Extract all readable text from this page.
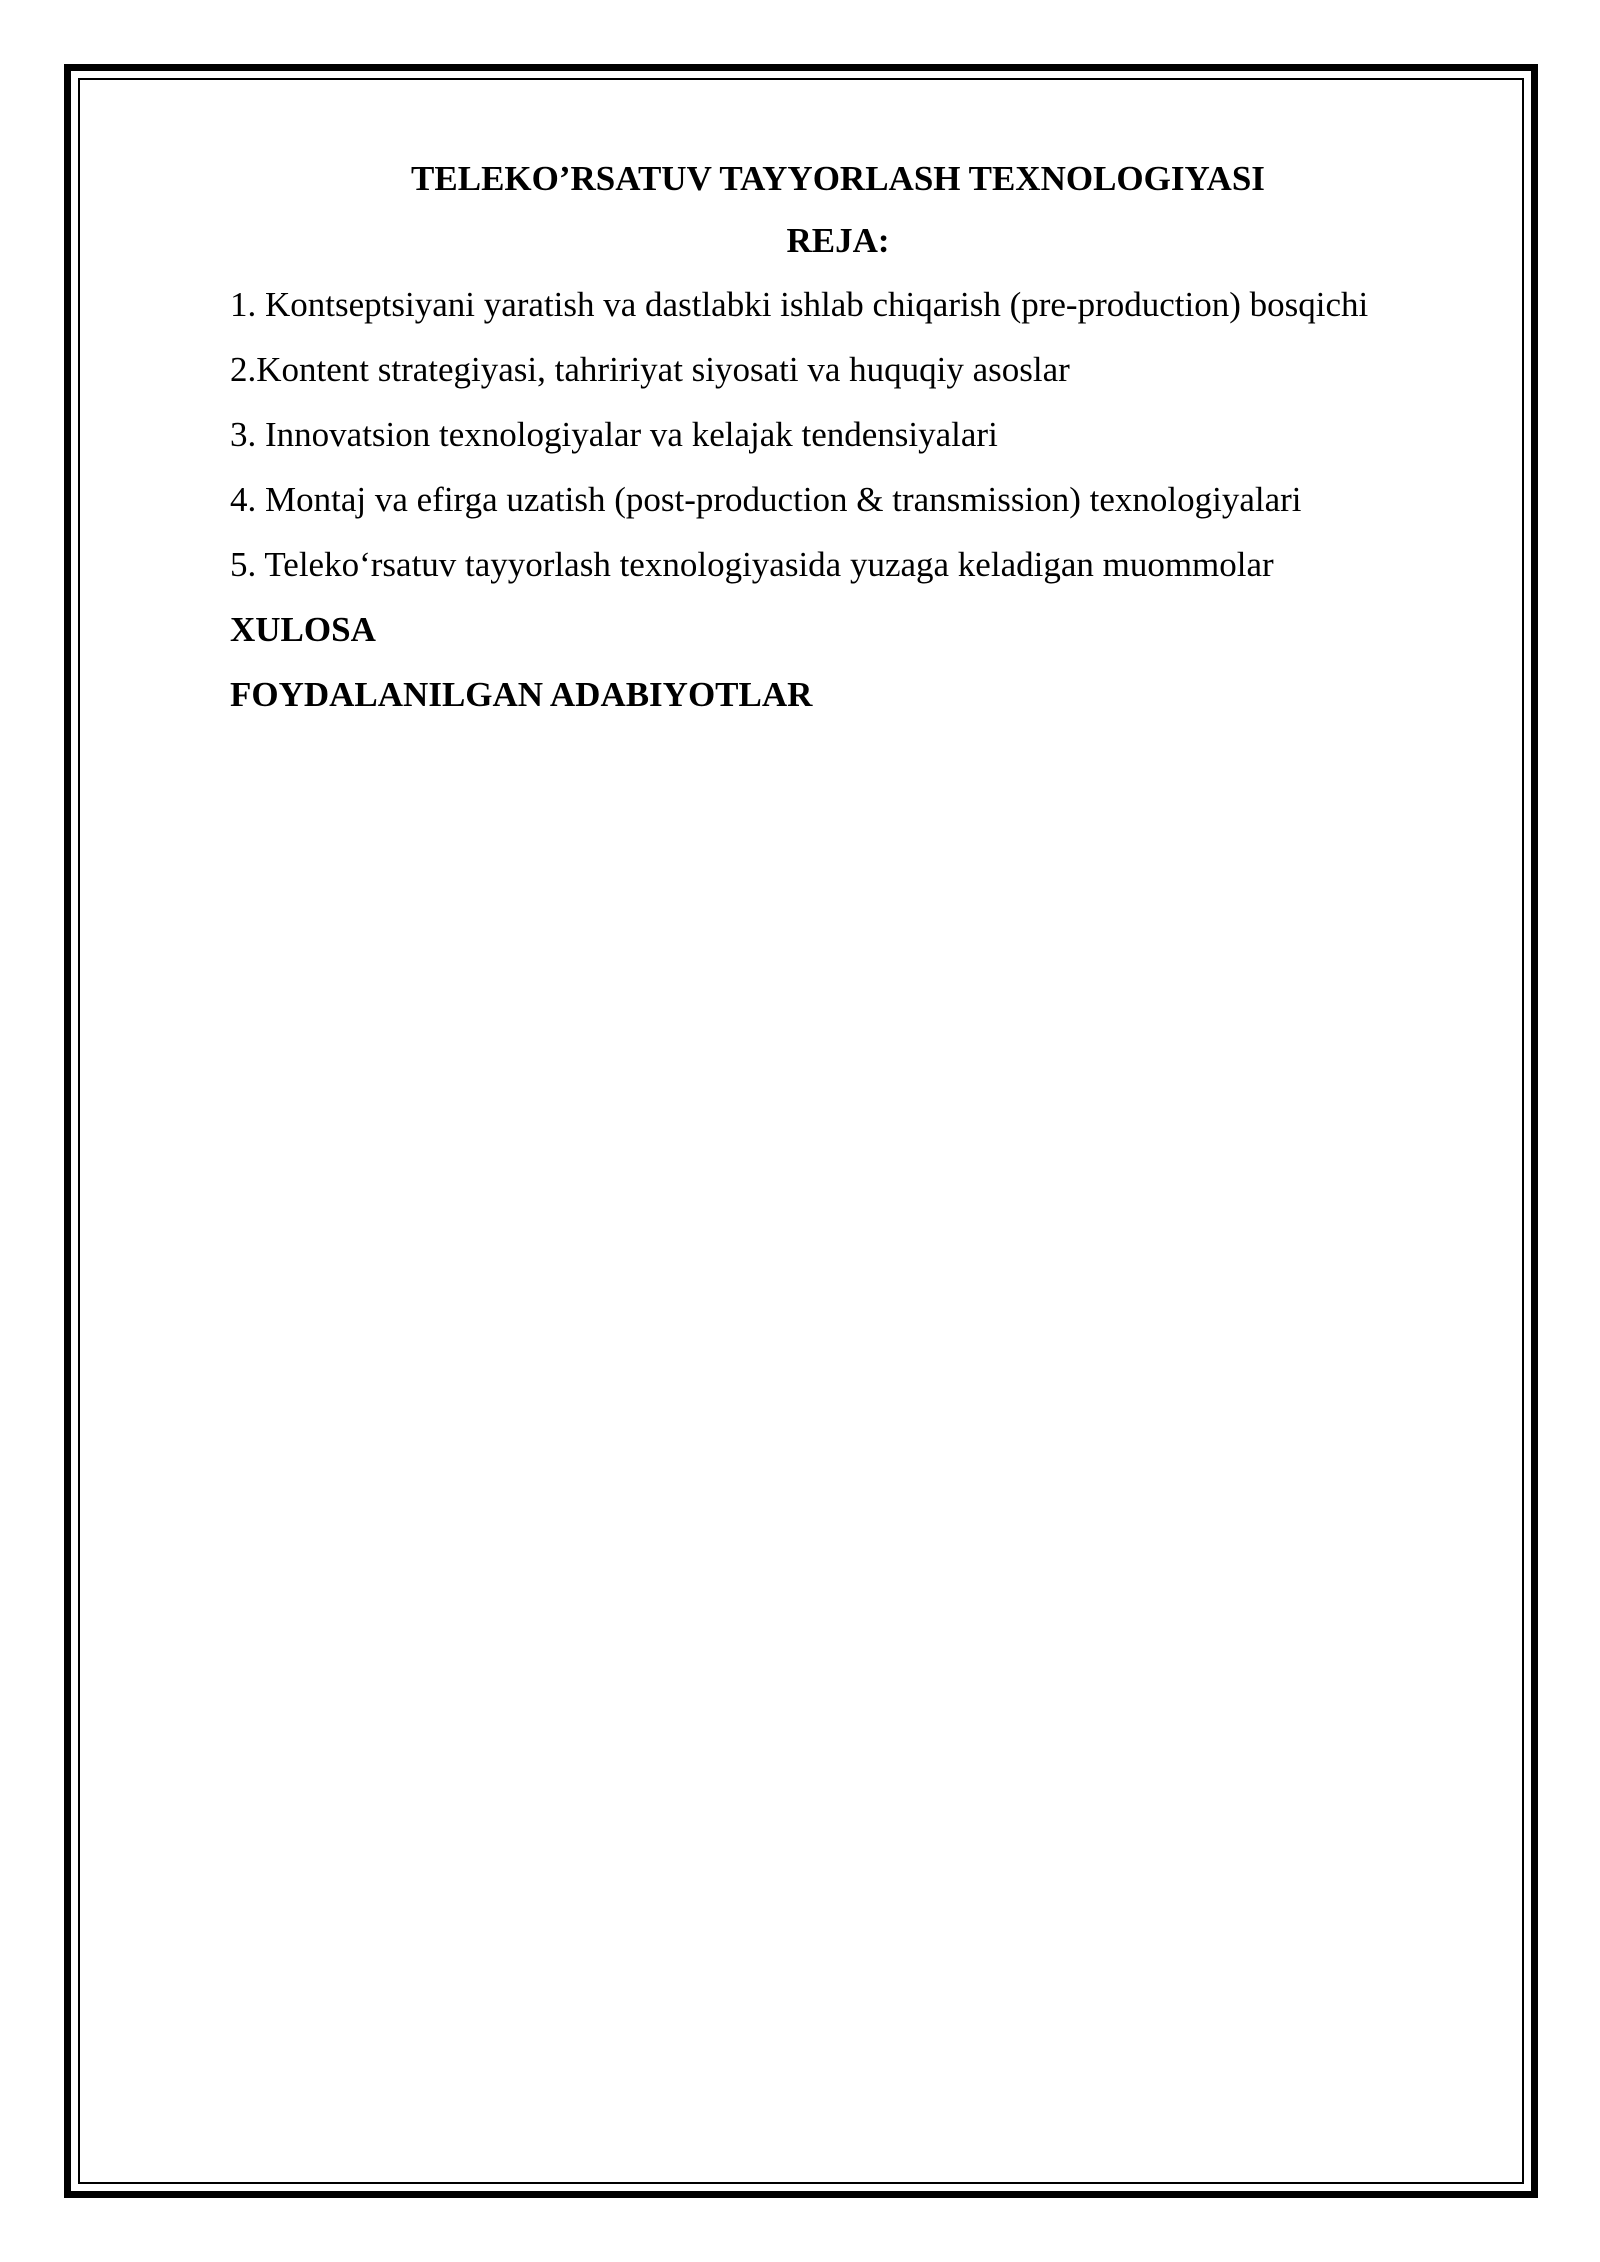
TELEKO’RSATUV TAYYORLASH TEXNOLOGIYASI
REJA:
1. Kontseptsiyani yaratish va dastlabki ishlab chiqarish (pre-production) bosqichi
2.Kontent strategiyasi, tahririyat siyosati va huquqiy asoslar
3. Innovatsion texnologiyalar va kelajak tendensiyalari
4. Montaj va efirga uzatish (post-production & transmission) texnologiyalari
5. Teleko‘rsatuv tayyorlash texnologiyasida yuzaga keladigan muommolar
XULOSA
FOYDALANILGAN ADABIYOTLAR
